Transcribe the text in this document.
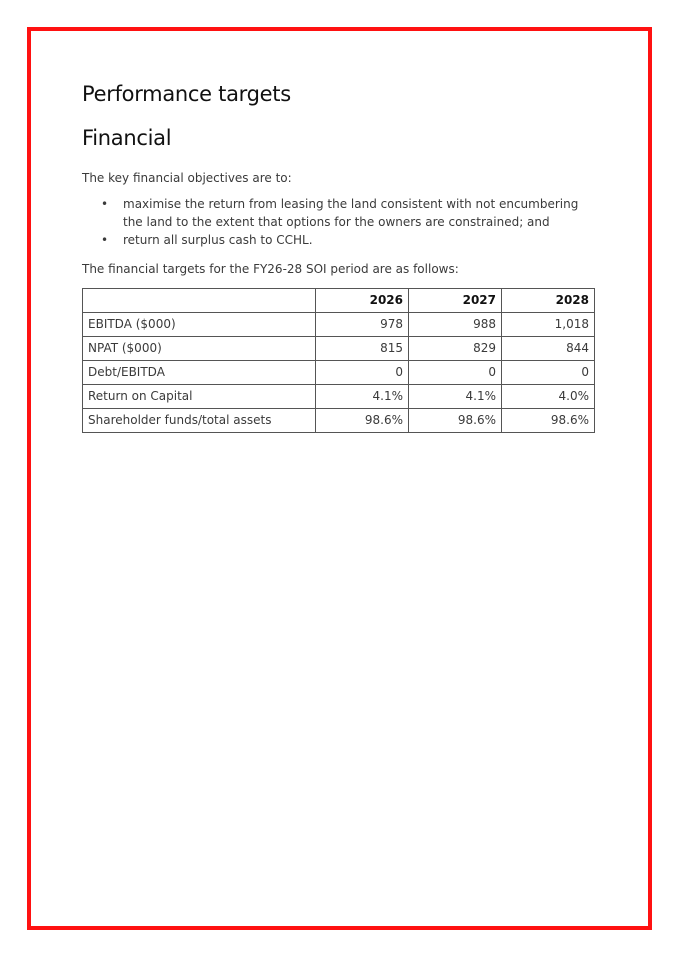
Performance targets
Financial

The key financial objectives are to:

• maximise the return from leasing the land consistent with not encumbering the land to the extent that options for the owners are constrained; and
• return all surplus cash to CCHL.

The financial targets for the FY26-28 SOI period are as follows:

	2026	2027	2028
EBITDA ($000)	978	988	1,018
NPAT ($000)	815	829	844
Debt/EBITDA	0	0	0
Return on Capital	4.1%	4.1%	4.0%
Shareholder funds/total assets	98.6%	98.6%	98.6%
